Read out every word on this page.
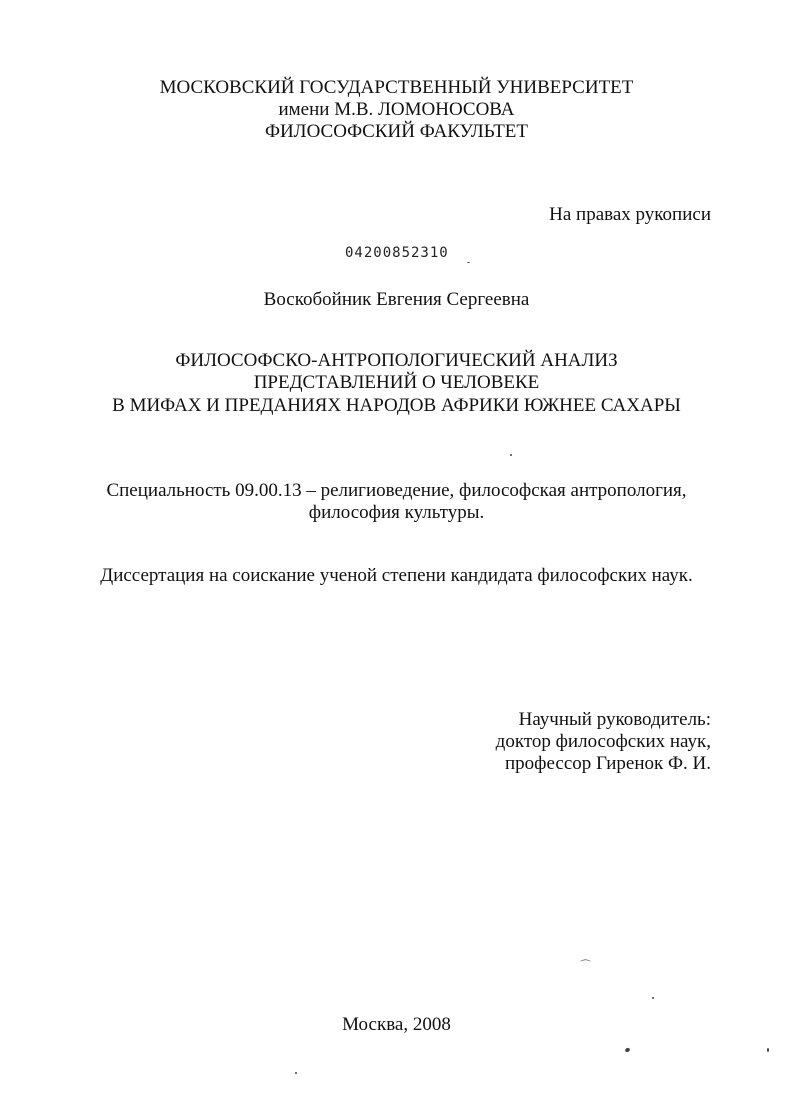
МОСКОВСКИЙ ГОСУДАРСТВЕННЫЙ УНИВЕРСИТЕТ
имени М.В. ЛОМОНОСОВА
ФИЛОСОФСКИЙ ФАКУЛЬТЕТ
На правах рукописи
04200852310
Воскобойник Евгения Сергеевна
ФИЛОСОФСКО-АНТРОПОЛОГИЧЕСКИЙ АНАЛИЗ
ПРЕДСТАВЛЕНИЙ О ЧЕЛОВЕКЕ
В МИФАХ И ПРЕДАНИЯХ НАРОДОВ АФРИКИ ЮЖНЕЕ САХАРЫ
Специальность 09.00.13 – религиоведение, философская антропология,
философия культуры.
Диссертация на соискание ученой степени кандидата философских наук.
Научный руководитель:
доктор философских наук,
профессор Гиренок Ф. И.
Москва, 2008
⌒
